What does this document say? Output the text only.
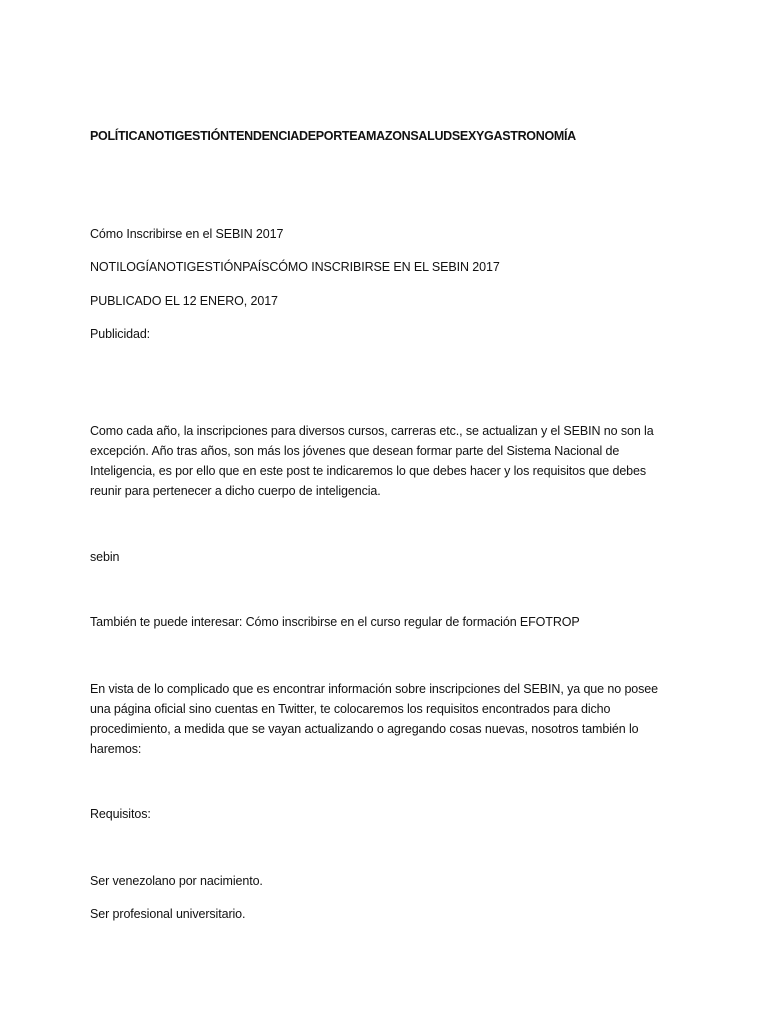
POLÍTICANOTIGESTIÓNTENDENCIADEPORTEAMAZONSALUDSEXYGASTRONOMÍA

Cómo Inscribirse en el SEBIN 2017

NOTILOGÍANOTIGESTIÓNPAÍSCÓMO INSCRIBIRSE EN EL SEBIN 2017

PUBLICADO EL 12 ENERO, 2017

Publicidad:

Como cada año, la inscripciones para diversos cursos, carreras etc., se actualizan y el SEBIN no son la excepción. Año tras años, son más los jóvenes que desean formar parte del Sistema Nacional de Inteligencia, es por ello que en este post te indicaremos lo que debes hacer y los requisitos que debes reunir para pertenecer a dicho cuerpo de inteligencia.

sebin

También te puede interesar: Cómo inscribirse en el curso regular de formación EFOTROP

En vista de lo complicado que es encontrar información sobre inscripciones del SEBIN, ya que no posee una página oficial sino cuentas en Twitter, te colocaremos los requisitos encontrados para dicho procedimiento, a medida que se vayan actualizando o agregando cosas nuevas, nosotros también lo haremos:

Requisitos:

Ser venezolano por nacimiento.

Ser profesional universitario.
